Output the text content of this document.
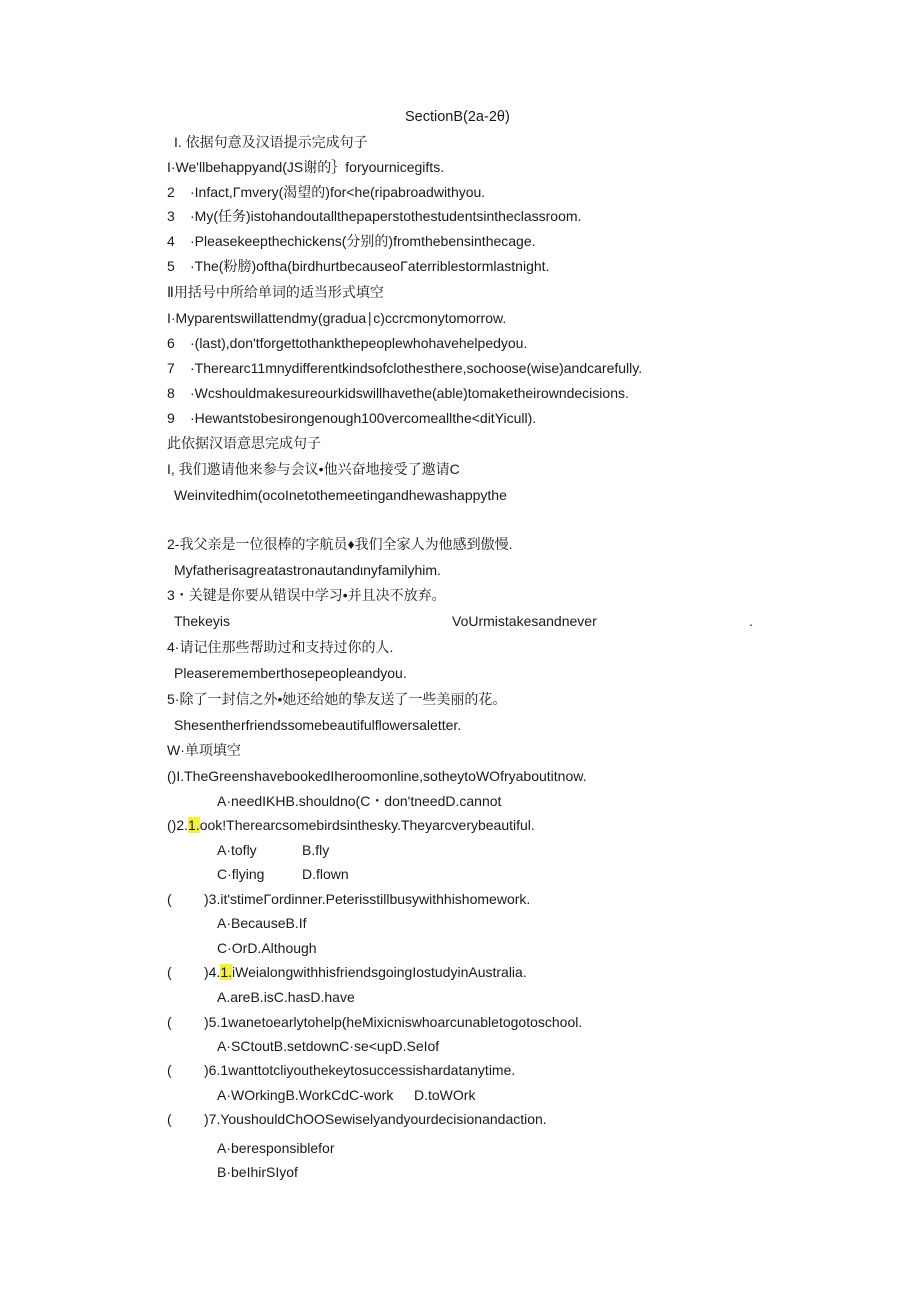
SectionB(2a-2θ)
I. 依据句意及汉语提示完成句子
I·We'llbehappyand(JS谢的｝foryournicegifts.
2 ·Infact,Γmvery(渴望的)for<he(ripabroadwithyou.
3 ·My(任务)istohandoutallthepaperstothestudentsintheclassroom.
4 ·Pleasekeepthechickens(分别的)fromthebensinthecage.
5 ·The(粉膀)oftha(birdhurtbecauseoΓaterriblestormlastnight.
Ⅱ用括号中所给单词的适当形式填空
I·Myparentswillattendmy(gradua∣c)ccrcmonytomorrow.
6 ·(last),don'tforgettothankthepeoplewhohavehelpedyou.
7 ·Therearc11mnydifferentkindsofclothesthere,sochoose(wise)andcarefully.
8 ·Wcshouldmakesureourkidswillhavethe(able)tomaketheirowndecisions.
9 ·Hewantstobesirongenough100vercomeallthe<ditYicull).
此依据汉语意思完成句子
I, 我们邀请他来参与会议•他兴奋地接受了邀请C
Weinvitedhim(ocoInetothemeetingandhewashappythe
2-我父亲是一位很棒的字航员♦我们全家人为他感到傲慢.
Myfatherisagreatastronautandιnyfamilyhim.
3・关键是你要从错误中学习•并且决不放弃。
Thekeyis	VoUrmistakesandnever	.
4·请记住那些帮助过和支持过你的人.
Pleaserememberthosepeopleandyou.
5·除了一封信之外•她还给她的挚友送了一些美丽的花。
Shesentherfriendssomebeautifulflowersaletter.
W·单项填空
()I.TheGreenshavebookedIheroomonline,sotheytoWOfryaboutitnow.
A·needIKHB.shouldno(C・don'tneedD.cannot
()2.1.ook!Therearcsomebirdsinthesky.Theyarcverybeautiful.
A·tofly	B.fly
C·flying	D.flown
( )3.it'stimeΓordinner.Peterisstillbusywithhishomework.
A·BecauseB.If
C·OrD.Although
( )4.1.iWeialongwithhisfriendsgoingIostudyinAustralia.
A.areB.isC.hasD.have
( )5.1wanetoearlytohelp(heMixicniswhoarcunabletogotoschool.
A·SCtoutB.setdownC·se<upD.SeIof
( )6.1wanttotcliyouthekeytosuccessishardatanytime.
A·WOrkingB.WorkCdC-work D.toWOrk
( )7.YoushouldChOOSewiselyandyourdecisionandaction.
A·beresponsiblefor
B·beIhirSIyof
